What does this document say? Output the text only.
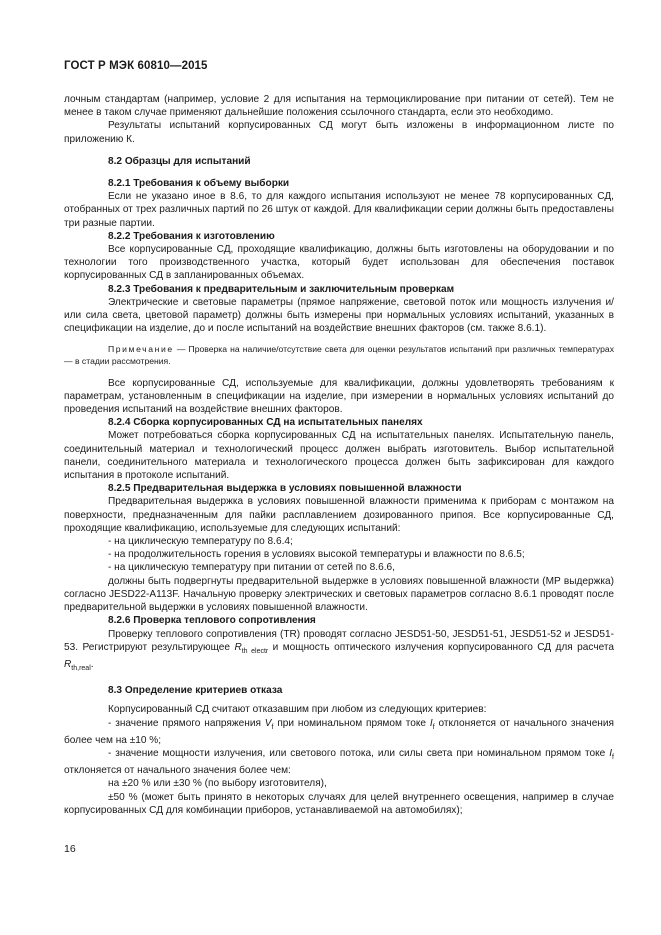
ГОСТ Р МЭК 60810—2015

лочным стандартам (например, условие 2 для испытания на термоциклирование при питании от сетей). Тем не менее в таком случае применяют дальнейшие положения ссылочного стандарта, если это необходимо.

Результаты испытаний корпусированных СД могут быть изложены в информационном листе по приложению К.

8.2 Образцы для испытаний

8.2.1 Требования к объему выборки

Если не указано иное в 8.6, то для каждого испытания используют не менее 78 корпусированных СД, отобранных от трех различных партий по 26 штук от каждой. Для квалификации серии должны быть предоставлены три разные партии.

8.2.2 Требования к изготовлению

Все корпусированные СД, проходящие квалификацию, должны быть изготовлены на оборудовании и по технологии того производственного участка, который будет использован для обеспечения поставок корпусированных СД в запланированных объемах.

8.2.3 Требования к предварительным и заключительным проверкам

Электрические и световые параметры (прямое напряжение, световой поток или мощность излучения и/или сила света, цветовой параметр) должны быть измерены при нормальных условиях испытаний, указанных в спецификации на изделие, до и после испытаний на воздействие внешних факторов (см. также 8.6.1).

Примечание — Проверка на наличие/отсутствие света для оценки результатов испытаний при различных температурах — в стадии рассмотрения.

Все корпусированные СД, используемые для квалификации, должны удовлетворять требованиям к параметрам, установленным в спецификации на изделие, при измерении в нормальных условиях испытаний до проведения испытаний на воздействие внешних факторов.

8.2.4 Сборка корпусированных СД на испытательных панелях

Может потребоваться сборка корпусированных СД на испытательных панелях. Испытательную панель, соединительный материал и технологический процесс должен выбрать изготовитель. Выбор испытательной панели, соединительного материала и технологического процесса должен быть зафиксирован для каждого испытания в протоколе испытаний.

8.2.5 Предварительная выдержка в условиях повышенной влажности

Предварительная выдержка в условиях повышенной влажности применима к приборам с монтажом на поверхности, предназначенным для пайки расплавлением дозированного припоя. Все корпусированные СД, проходящие квалификацию, используемые для следующих испытаний:

- на циклическую температуру по 8.6.4;

- на продолжительность горения в условиях высокой температуры и влажности по 8.6.5;

- на циклическую температуру при питании от сетей по 8.6.6,

должны быть подвергнуты предварительной выдержке в условиях повышенной влажности (МР выдержка) согласно JESD22-A113F. Начальную проверку электрических и световых параметров согласно 8.6.1 проводят после предварительной выдержки в условиях повышенной влажности.

8.2.6 Проверка теплового сопротивления

Проверку теплового сопротивления (TR) проводят согласно JESD51-50, JESD51-51, JESD51-52 и JESD51-53. Регистрируют результирующее $R_{th electr}$ и мощность оптического излучения корпусированного СД для расчета $R_{th,real}$.

8.3 Определение критериев отказа

Корпусированный СД считают отказавшим при любом из следующих критериев:

- значение прямого напряжения $V_f$ при номинальном прямом токе $I_f$ отклоняется от начального значения более чем на ±10 %;

- значение мощности излучения, или светового потока, или силы света при номинальном прямом токе $I_f$ отклоняется от начального значения более чем:

на ±20 % или ±30 % (по выбору изготовителя),

±50 % (может быть принято в некоторых случаях для целей внутреннего освещения, например в случае корпусированных СД для комбинации приборов, устанавливаемой на автомобилях);

16
